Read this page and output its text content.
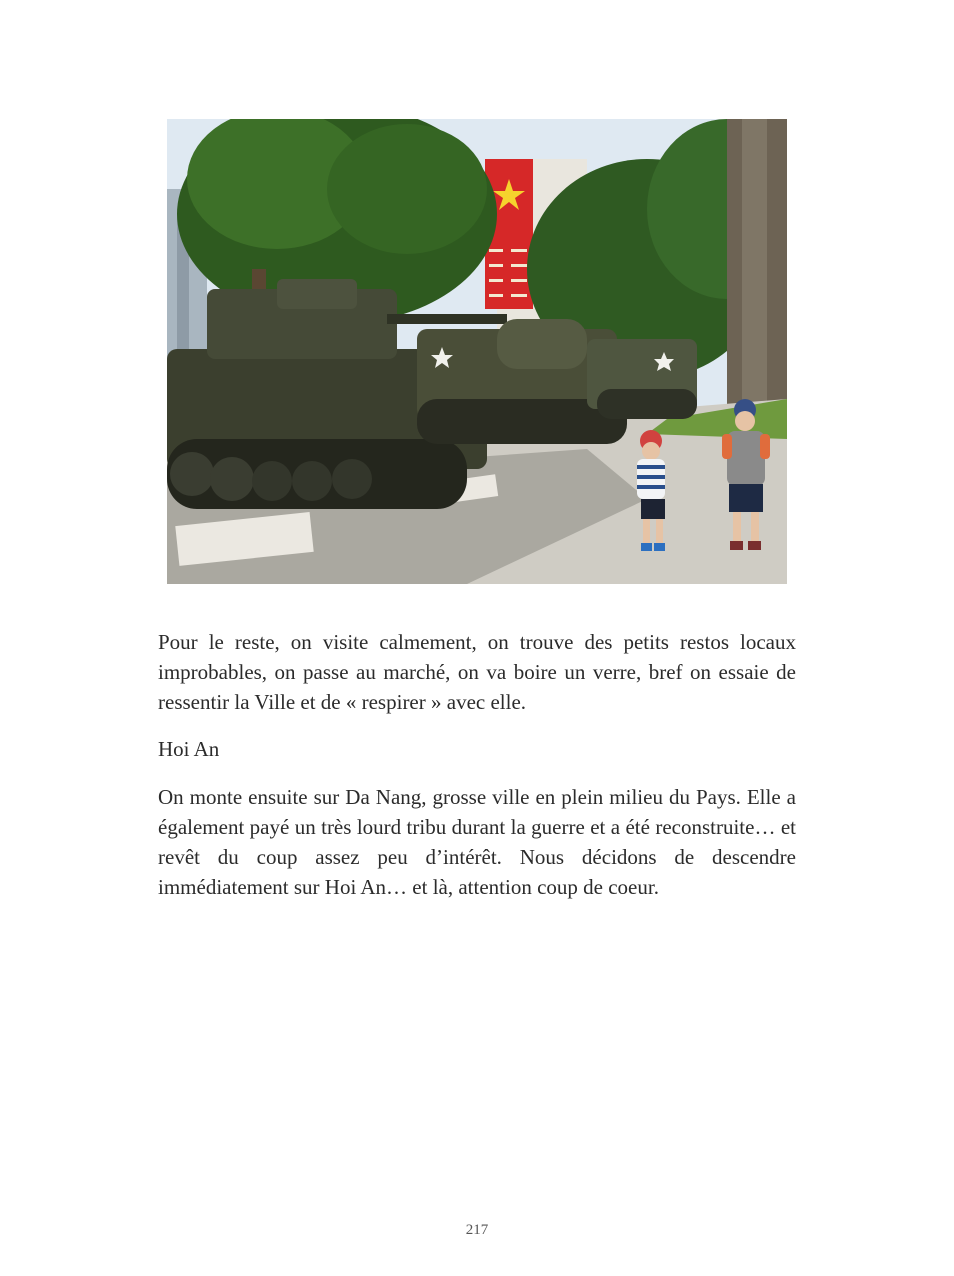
Pour le reste, on visite calmement, on trouve des petits restos locaux improbables, on passe au marché, on va boire un verre, bref on essaie de ressentir la Ville et de « respirer » avec elle.

Hoi An

On monte ensuite sur Da Nang, grosse ville en plein milieu du Pays. Elle a également payé un très lourd tribu durant la guerre et a été reconstruite… et revêt du coup assez peu d’intérêt. Nous décidons de descendre immédiatement sur Hoi An… et là, attention coup de coeur.

217
